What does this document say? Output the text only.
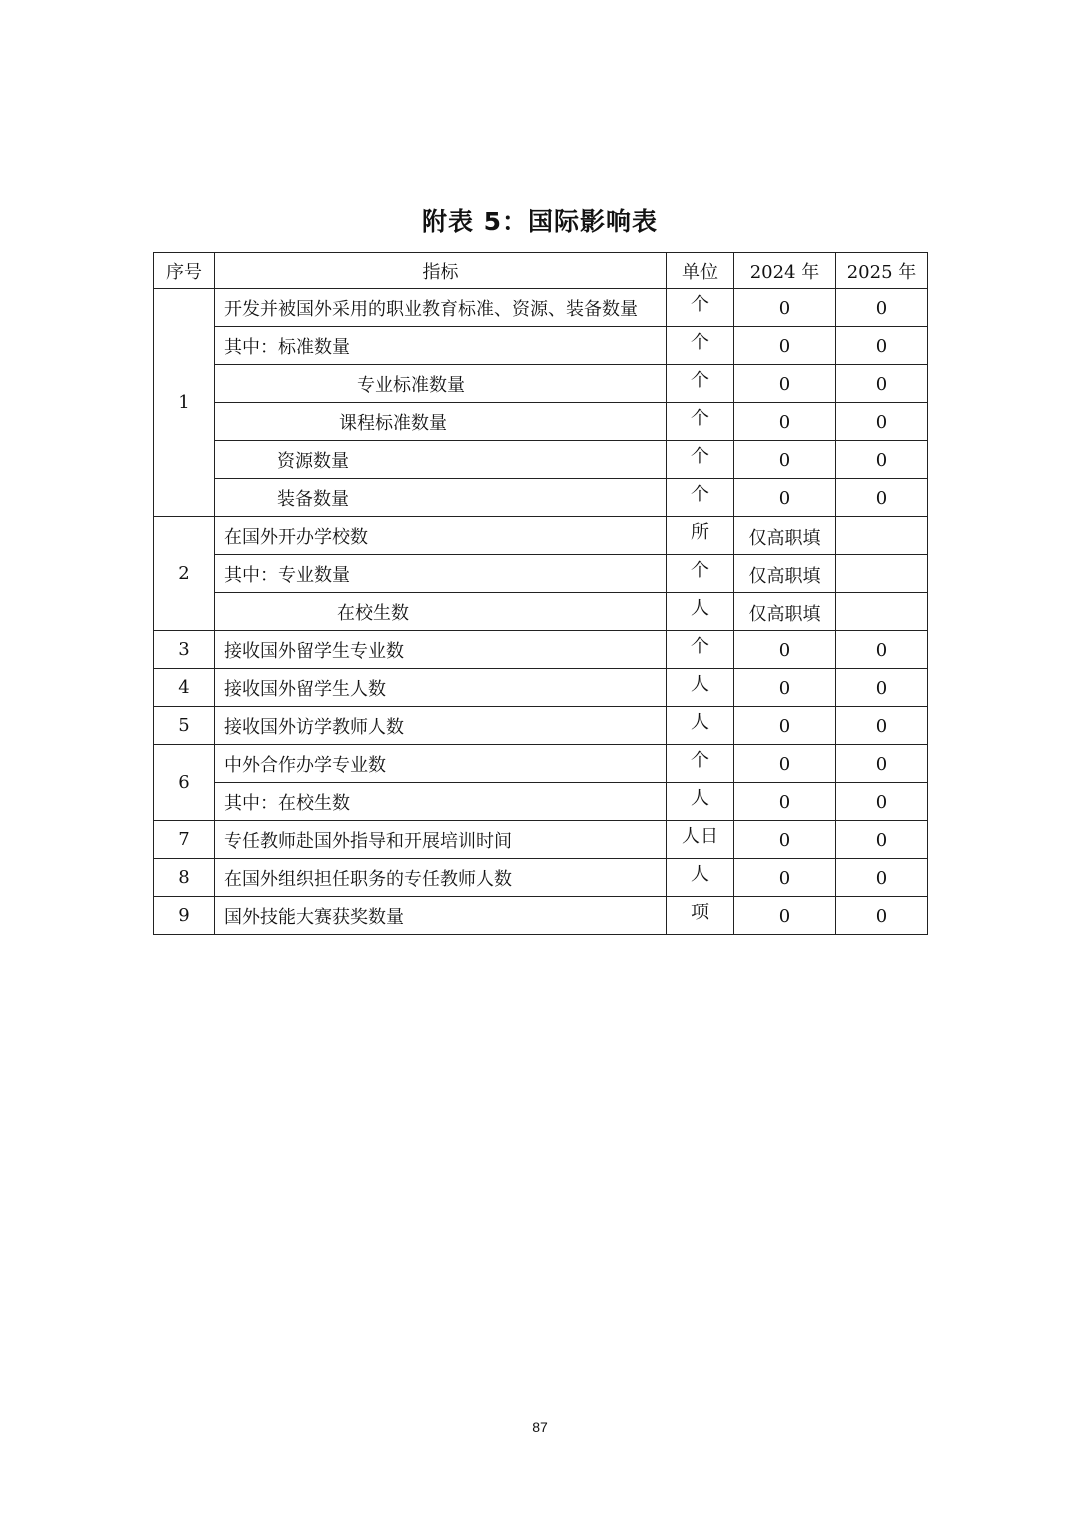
附表 5：国际影响表
序号	指标	单位	2024 年	2025 年
1	开发并被国外采用的职业教育标准、资源、装备数量	个	0	0
	其中：标准数量	个	0	0
	专业标准数量	个	0	0
	课程标准数量	个	0	0
	资源数量	个	0	0
	装备数量	个	0	0
2	在国外开办学校数	所	仅高职填	
	其中：专业数量	个	仅高职填	
	在校生数	人	仅高职填	
3	接收国外留学生专业数	个	0	0
4	接收国外留学生人数	人	0	0
5	接收国外访学教师人数	人	0	0
6	中外合作办学专业数	个	0	0
	其中：在校生数	人	0	0
7	专任教师赴国外指导和开展培训时间	人日	0	0
8	在国外组织担任职务的专任教师人数	人	0	0
9	国外技能大赛获奖数量	项	0	0
87
